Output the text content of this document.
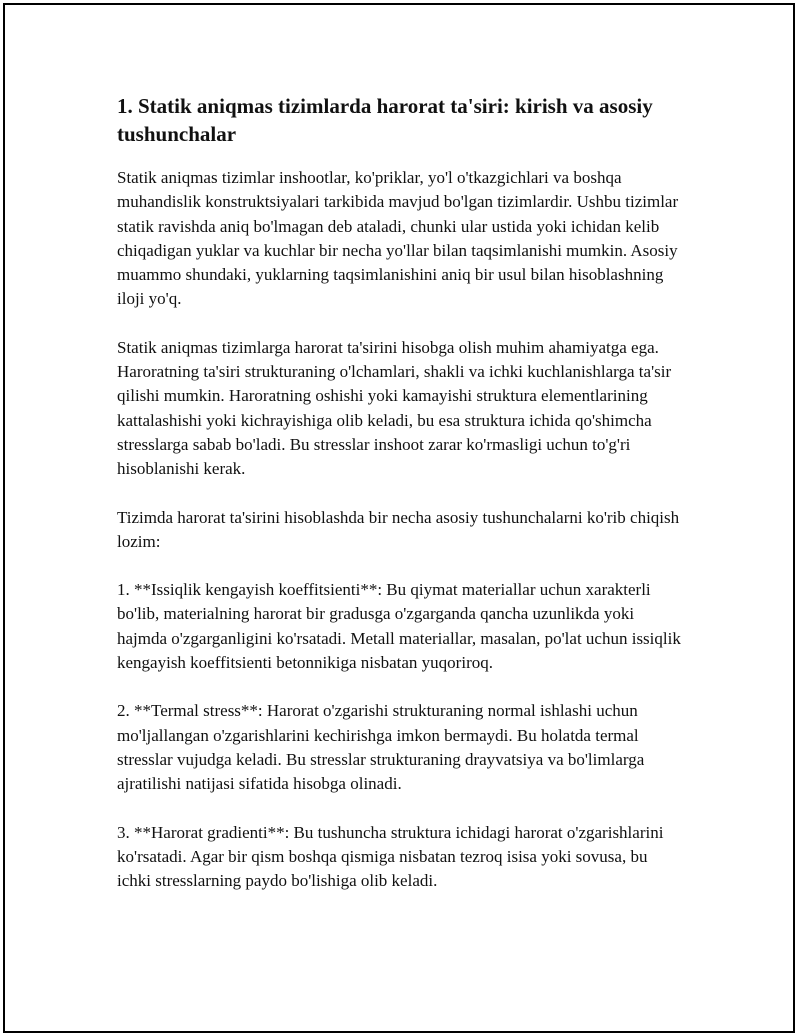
1. Statik aniqmas tizimlarda harorat ta'siri: kirish va asosiy tushunchalar

Statik aniqmas tizimlar inshootlar, ko'priklar, yo'l o'tkazgichlari va boshqa muhandislik konstruktsiyalari tarkibida mavjud bo'lgan tizimlardir. Ushbu tizimlar statik ravishda aniq bo'lmagan deb ataladi, chunki ular ustida yoki ichidan kelib chiqadigan yuklar va kuchlar bir necha yo'llar bilan taqsimlanishi mumkin. Asosiy muammo shundaki, yuklarning taqsimlanishini aniq bir usul bilan hisoblashning iloji yo'q.

Statik aniqmas tizimlarga harorat ta'sirini hisobga olish muhim ahamiyatga ega. Haroratning ta'siri strukturaning o'lchamlari, shakli va ichki kuchlanishlarga ta'sir qilishi mumkin. Haroratning oshishi yoki kamayishi struktura elementlarining kattalashishi yoki kichrayishiga olib keladi, bu esa struktura ichida qo'shimcha stresslarga sabab bo'ladi. Bu stresslar inshoot zarar ko'rmasligi uchun to'g'ri hisoblanishi kerak.

Tizimda harorat ta'sirini hisoblashda bir necha asosiy tushunchalarni ko'rib chiqish lozim:

1. **Issiqlik kengayish koeffitsienti**: Bu qiymat materiallar uchun xarakterli bo'lib, materialning harorat bir gradusga o'zgarganda qancha uzunlikda yoki hajmda o'zgarganligini ko'rsatadi. Metall materiallar, masalan, po'lat uchun issiqlik kengayish koeffitsienti betonnikiga nisbatan yuqoriroq.

2. **Termal stress**: Harorat o'zgarishi strukturaning normal ishlashi uchun mo'ljallangan o'zgarishlarini kechirishga imkon bermaydi. Bu holatda termal stresslar vujudga keladi. Bu stresslar strukturaning drayvatsiya va bo'limlarga ajratilishi natijasi sifatida hisobga olinadi.

3. **Harorat gradienti**: Bu tushuncha struktura ichidagi harorat o'zgarishlarini ko'rsatadi. Agar bir qism boshqa qismiga nisbatan tezroq isisa yoki sovusa, bu ichki stresslarning paydo bo'lishiga olib keladi.
